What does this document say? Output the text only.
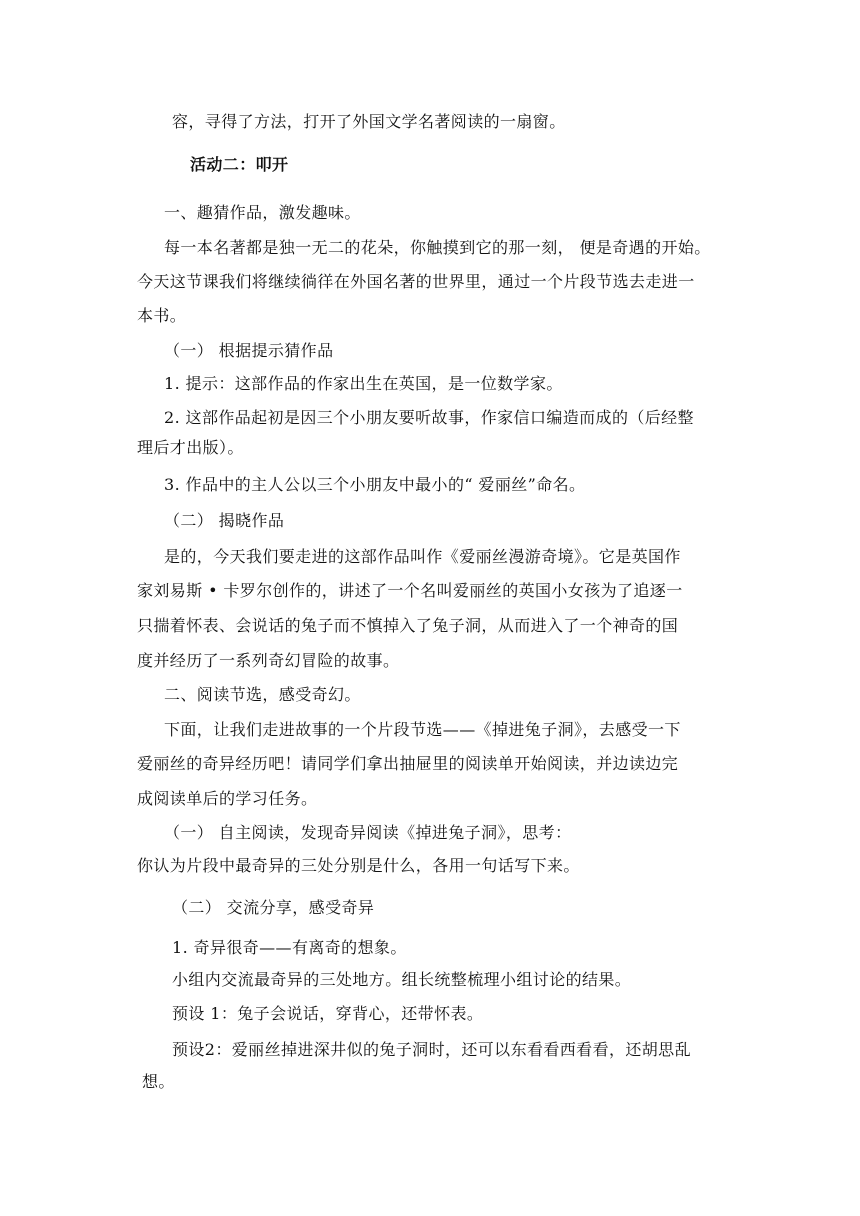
容，寻得了方法，打开了外国文学名著阅读的一扇窗。
活动二：叩开
一、趣猜作品，激发趣味。
每一本名著都是独一无二的花朵，你触摸到它的那一刻， 便是奇遇的开始。
今天这节课我们将继续徜徉在外国名著的世界里，通过一个片段节选去走进一
本书。
（一） 根据提示猜作品
1. 提示：这部作品的作家出生在英国，是一位数学家。
2. 这部作品起初是因三个小朋友要听故事，作家信口编造而成的（后经整
理后才出版）。
3. 作品中的主人公以三个小朋友中最小的“ 爱丽丝”命名。
（二） 揭晓作品
是的，今天我们要走进的这部作品叫作《爱丽丝漫游奇境》。它是英国作
家刘易斯 • 卡罗尔创作的，讲述了一个名叫爱丽丝的英国小女孩为了追逐一
只揣着怀表、会说话的兔子而不慎掉入了兔子洞，从而进入了一个神奇的国
度并经历了一系列奇幻冒险的故事。
二、阅读节选，感受奇幻。
下面，让我们走进故事的一个片段节选——《掉进兔子洞》，去感受一下
爱丽丝的奇异经历吧！请同学们拿出抽屉里的阅读单开始阅读，并边读边完
成阅读单后的学习任务。
（一） 自主阅读，发现奇异阅读《掉进兔子洞》，思考：
你认为片段中最奇异的三处分别是什么，各用一句话写下来。
（二） 交流分享，感受奇异
1. 奇异很奇——有离奇的想象。
小组内交流最奇异的三处地方。组长统整梳理小组讨论的结果。
预设 1：兔子会说话，穿背心，还带怀表。
预设2：爱丽丝掉进深井似的兔子洞时，还可以东看看西看看，还胡思乱
想。
